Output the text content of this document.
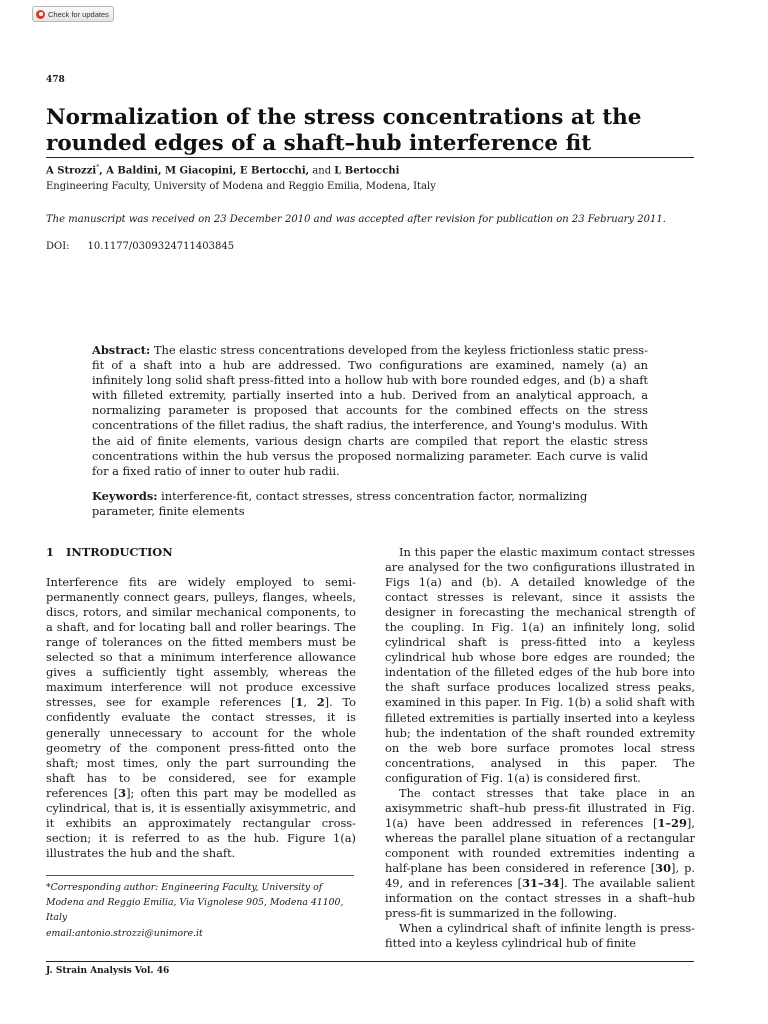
Check for updates
478
Normalization of the stress concentrations at the rounded edges of a shaft–hub interference fit
A Strozzi*, A Baldini, M Giacopini, E Bertocchi, and L Bertocchi
Engineering Faculty, University of Modena and Reggio Emilia, Modena, Italy
The manuscript was received on 23 December 2010 and was accepted after revision for publication on 23 February 2011.
DOI: 10.1177/0309324711403845

Abstract: The elastic stress concentrations developed from the keyless frictionless static press-fit of a shaft into a hub are addressed. Two configurations are examined, namely (a) an infinitely long solid shaft press-fitted into a hollow hub with bore rounded edges, and (b) a shaft with filleted extremity, partially inserted into a hub. Derived from an analytical approach, a normalizing parameter is proposed that accounts for the combined effects on the stress concentrations of the fillet radius, the shaft radius, the interference, and Young's modulus. With the aid of finite elements, various design charts are compiled that report the elastic stress concentrations within the hub versus the proposed normalizing parameter. Each curve is valid for a fixed ratio of inner to outer hub radii.

Keywords: interference-fit, contact stresses, stress concentration factor, normalizing parameter, finite elements

1 INTRODUCTION

Interference fits are widely employed to semi-permanently connect gears, pulleys, flanges, wheels, discs, rotors, and similar mechanical components, to a shaft, and for locating ball and roller bearings. The range of tolerances on the fitted members must be selected so that a minimum interference allowance gives a sufficiently tight assembly, whereas the maximum interference will not produce excessive stresses, see for example references [1, 2]. To confidently evaluate the contact stresses, it is generally unnecessary to account for the whole geometry of the component press-fitted onto the shaft; most times, only the part surrounding the shaft has to be considered, see for example references [3]; often this part may be modelled as cylindrical, that is, it is essentially axisymmetric, and it exhibits an approximately rectangular cross-section; it is referred to as the hub. Figure 1(a) illustrates the hub and the shaft.

In this paper the elastic maximum contact stresses are analysed for the two configurations illustrated in Figs 1(a) and (b). A detailed knowledge of the contact stresses is relevant, since it assists the designer in forecasting the mechanical strength of the coupling. In Fig. 1(a) an infinitely long, solid cylindrical shaft is press-fitted into a keyless cylindrical hub whose bore edges are rounded; the indentation of the filleted edges of the hub bore into the shaft surface produces localized stress peaks, examined in this paper. In Fig. 1(b) a solid shaft with filleted extremities is partially inserted into a keyless hub; the indentation of the shaft rounded extremity on the web bore surface promotes local stress concentrations, analysed in this paper. The configuration of Fig. 1(a) is considered first.

The contact stresses that take place in an axisymmetric shaft–hub press-fit illustrated in Fig. 1(a) have been addressed in references [1–29], whereas the parallel plane situation of a rectangular component with rounded extremities indenting a half-plane has been considered in reference [30], p. 49, and in references [31–34]. The available salient information on the contact stresses in a shaft–hub press-fit is summarized in the following.

When a cylindrical shaft of infinite length is press-fitted into a keyless cylindrical hub of finite

*Corresponding author: Engineering Faculty, University of Modena and Reggio Emilia, Via Vignolese 905, Modena 41100, Italy
email:antonio.strozzi@unimore.it

J. Strain Analysis Vol. 46
